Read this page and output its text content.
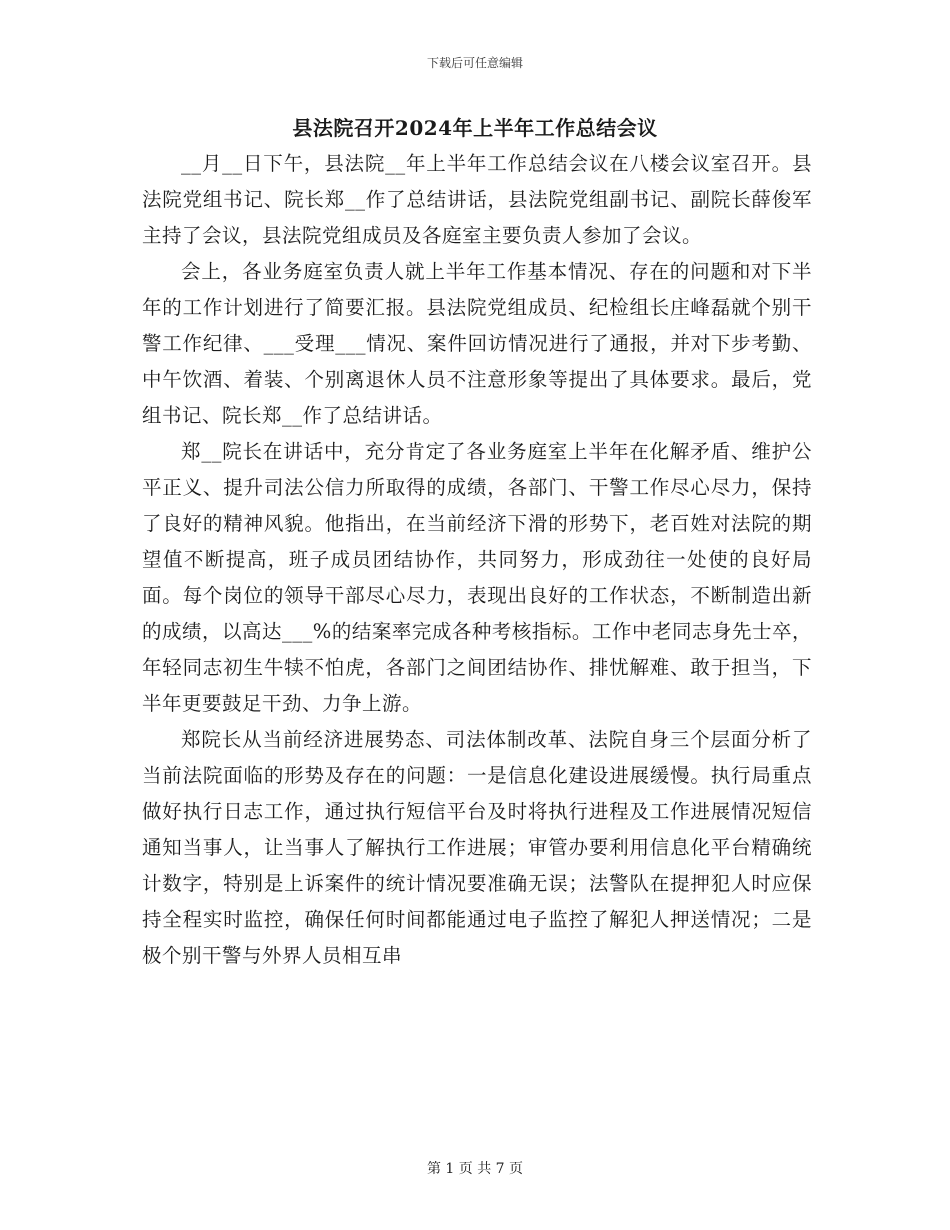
下载后可任意编辑
县法院召开2024年上半年工作总结会议

__月__日下午，县法院__年上半年工作总结会议在八楼会议室召开。县法院党组书记、院长郑__作了总结讲话，县法院党组副书记、副院长薛俊军主持了会议，县法院党组成员及各庭室主要负责人参加了会议。

会上，各业务庭室负责人就上半年工作基本情况、存在的问题和对下半年的工作计划进行了简要汇报。县法院党组成员、纪检组长庄峰磊就个别干警工作纪律、___受理___情况、案件回访情况进行了通报，并对下步考勤、中午饮酒、着装、个别离退休人员不注意形象等提出了具体要求。最后，党组书记、院长郑__作了总结讲话。

郑__院长在讲话中，充分肯定了各业务庭室上半年在化解矛盾、维护公平正义、提升司法公信力所取得的成绩，各部门、干警工作尽心尽力，保持了良好的精神风貌。他指出，在当前经济下滑的形势下，老百姓对法院的期望值不断提高，班子成员团结协作，共同努力，形成劲往一处使的良好局面。每个岗位的领导干部尽心尽力，表现出良好的工作状态，不断制造出新的成绩，以高达___%的结案率完成各种考核指标。工作中老同志身先士卒，年轻同志初生牛犊不怕虎，各部门之间团结协作、排忧解难、敢于担当，下半年更要鼓足干劲、力争上游。

郑院长从当前经济进展势态、司法体制改革、法院自身三个层面分析了当前法院面临的形势及存在的问题：一是信息化建设进展缓慢。执行局重点做好执行日志工作，通过执行短信平台及时将执行进程及工作进展情况短信通知当事人，让当事人了解执行工作进展；审管办要利用信息化平台精确统计数字，特别是上诉案件的统计情况要准确无误；法警队在提押犯人时应保持全程实时监控，确保任何时间都能通过电子监控了解犯人押送情况；二是极个别干警与外界人员相互串

第 1 页 共 7 页
